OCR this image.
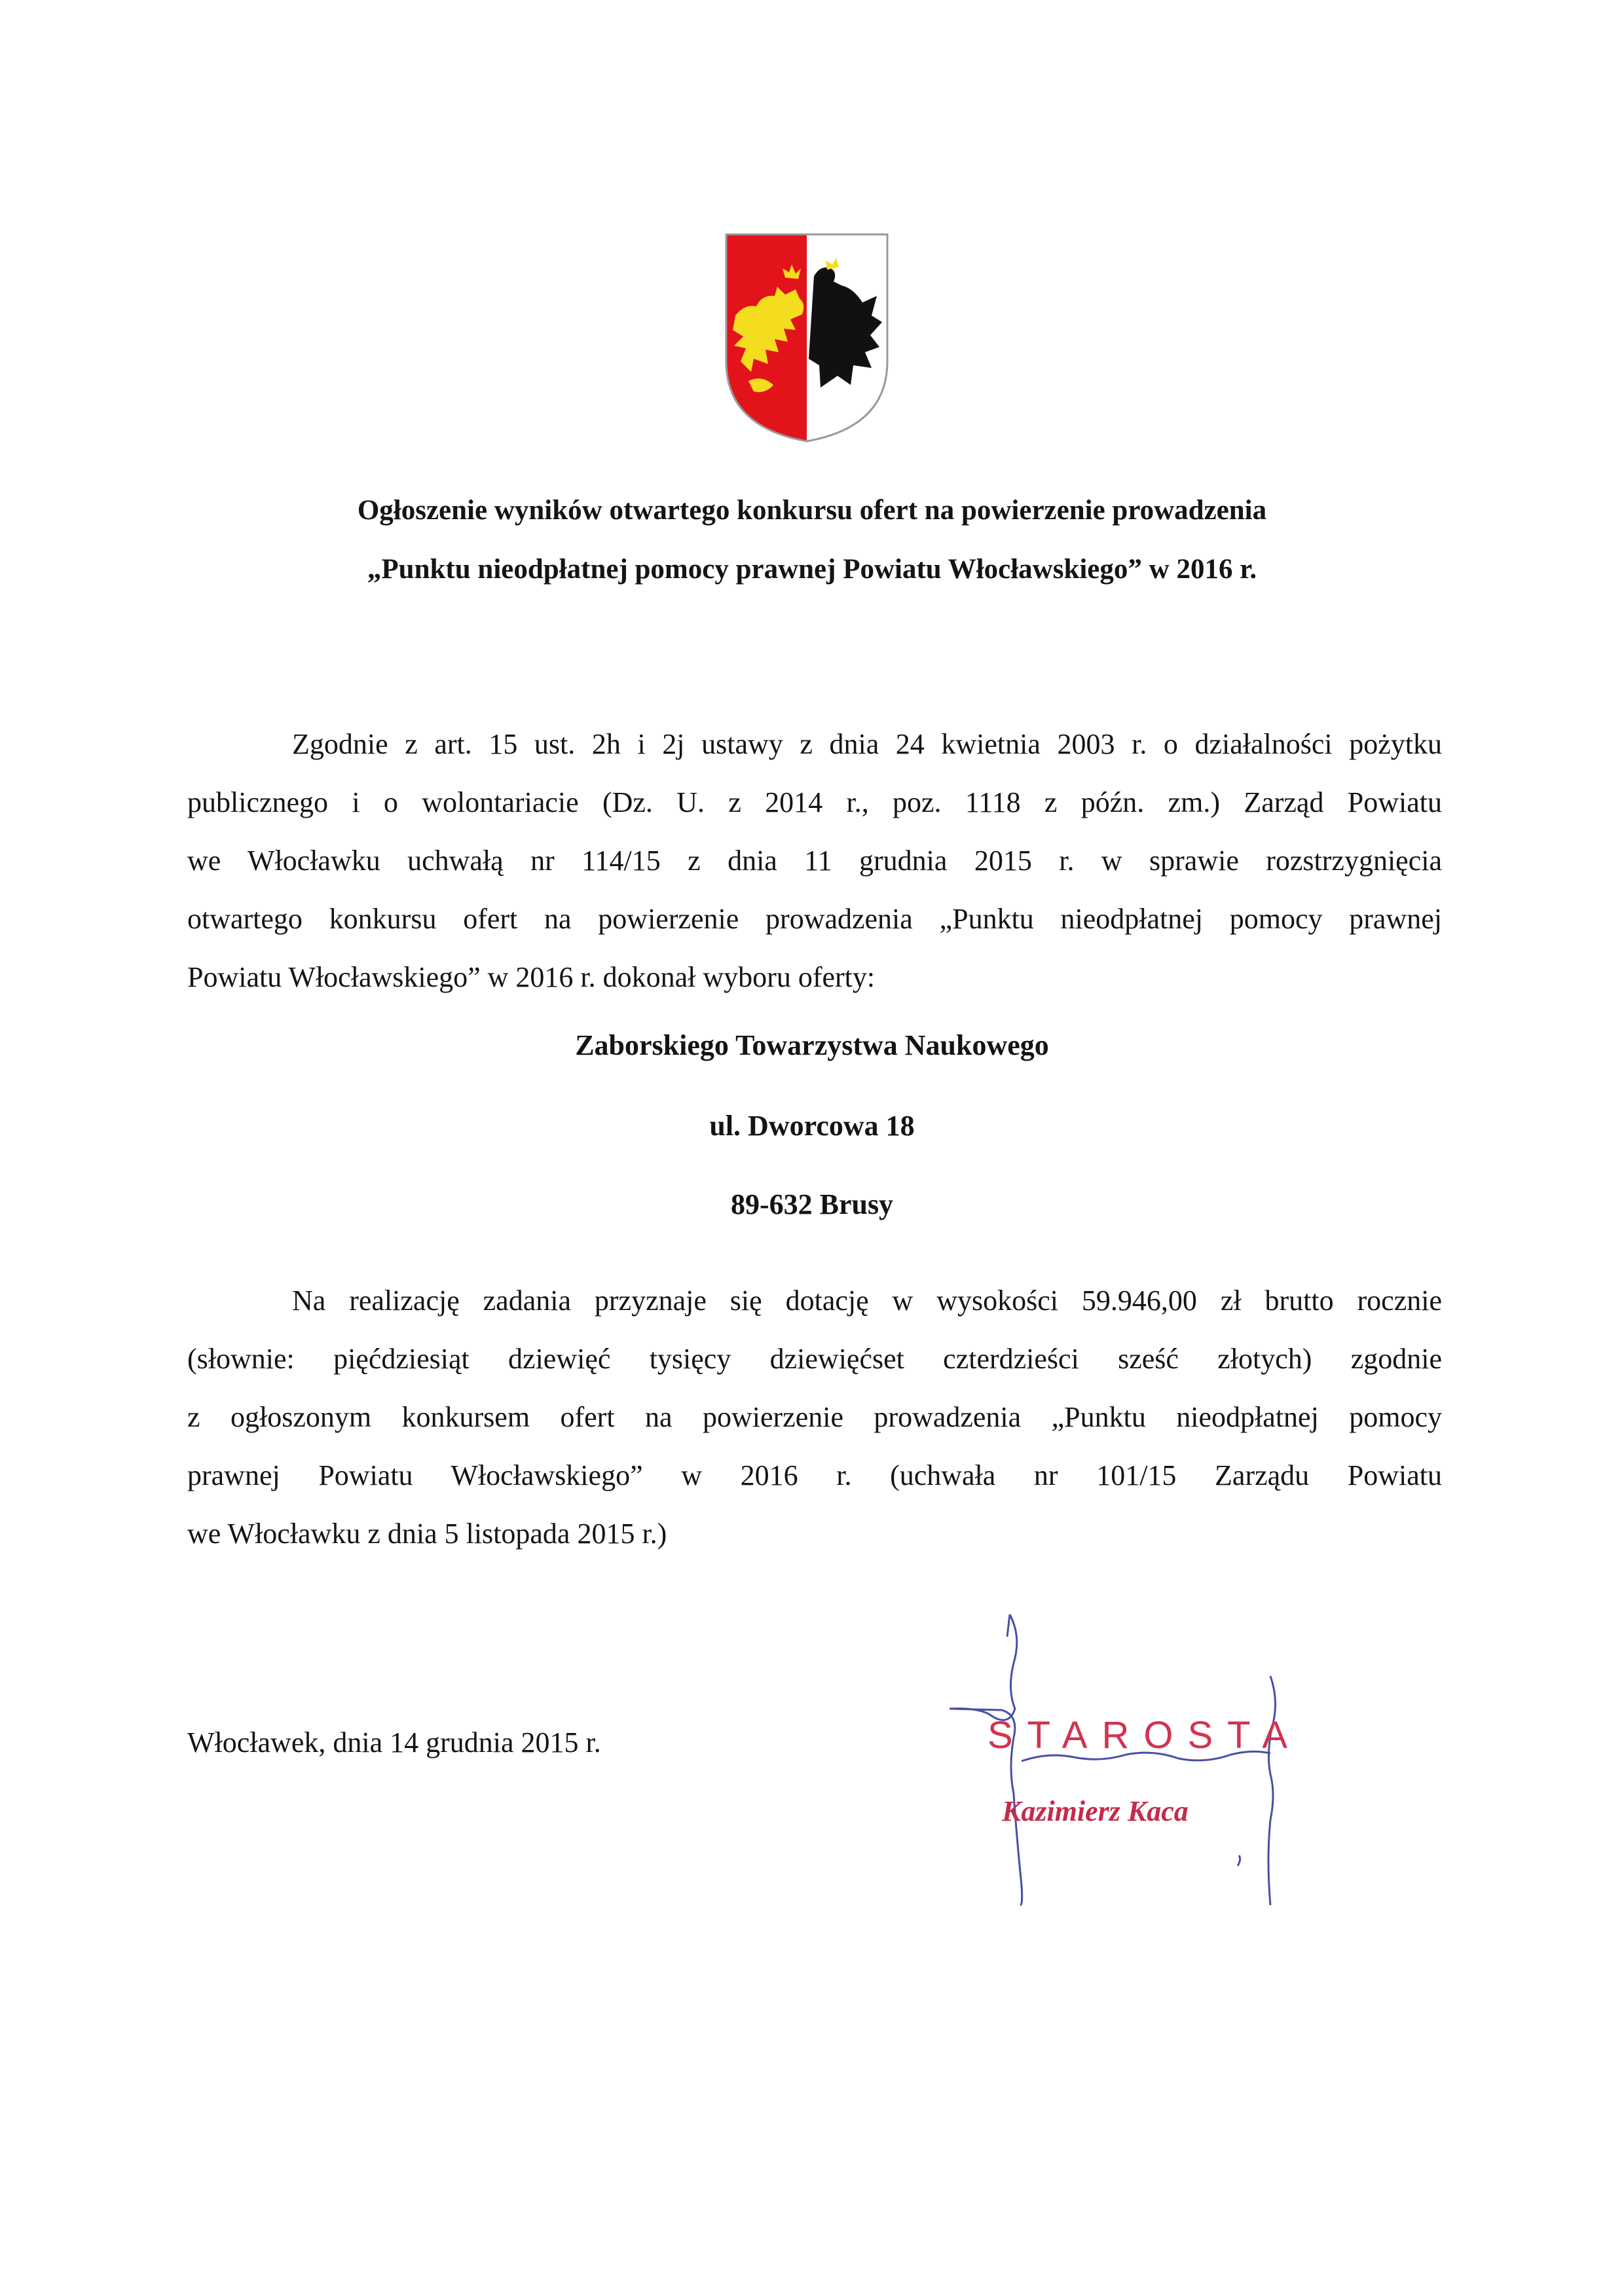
Ogłoszenie wyników otwartego konkursu ofert na powierzenie prowadzenia
„Punktu nieodpłatnej pomocy prawnej Powiatu Włocławskiego” w 2016 r.
Zgodnie z art. 15 ust. 2h i 2j ustawy z dnia 24 kwietnia 2003 r. o działalności pożytku
publicznego i o wolontariacie (Dz. U. z 2014 r., poz. 1118 z późn. zm.) Zarząd Powiatu
we Włocławku uchwałą nr 114/15 z dnia 11 grudnia 2015 r. w sprawie rozstrzygnięcia
otwartego konkursu ofert na powierzenie prowadzenia „Punktu nieodpłatnej pomocy prawnej
Powiatu Włocławskiego” w 2016 r. dokonał wyboru oferty:
Zaborskiego Towarzystwa Naukowego
ul. Dworcowa 18
89-632 Brusy
Na realizację zadania przyznaje się dotację w wysokości 59.946,00 zł brutto rocznie
(słownie: pięćdziesiąt dziewięć tysięcy dziewięćset czterdzieści sześć złotych) zgodnie
z ogłoszonym konkursem ofert na powierzenie prowadzenia „Punktu nieodpłatnej pomocy
prawnej Powiatu Włocławskiego” w 2016 r. (uchwała nr 101/15 Zarządu Powiatu
we Włocławku z dnia 5 listopada 2015 r.)
Włocławek, dnia 14 grudnia 2015 r.	STAROSTA
Kazimierz Kaca
